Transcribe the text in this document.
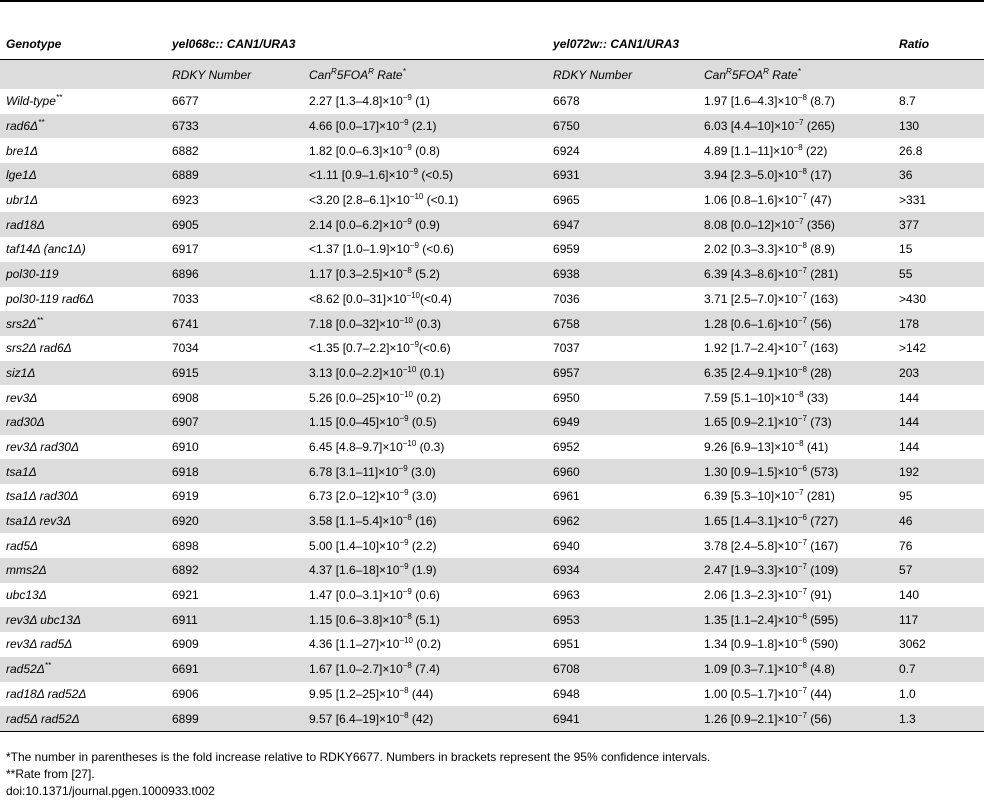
Genotype	yel068c:: CAN1/URA3		yel072w:: CAN1/URA3		Ratio
	RDKY Number	$Can^R5FOA^R$ Rate*	RDKY Number	$Can^R5FOA^R$ Rate*	
Wild-type**	6677	2.27 $[1.3-4.8]\times 10^{-9}$ (1)	6678	1.97 $[1.6-4.3]\times 10^{-8}$ (8.7)	8.7
rad6Δ**	6733	4.66 $[0.0-17]\times 10^{-9}$ (2.1)	6750	6.03 $[4.4-10]\times 10^{-7}$ (265)	130
bre1Δ	6882	1.82 $[0.0-6.3]\times 10^{-9}$ (0.8)	6924	4.89 $[1.1-11]\times 10^{-8}$ (22)	26.8
lge1Δ	6889	<1.11 $[0.9-1.6]\times 10^{-9}$ (<0.5)	6931	3.94 $[2.3-5.0]\times 10^{-8}$ (17)	36
ubr1Δ	6923	<3.20 $[2.8-6.1]\times 10^{-10}$ (<0.1)	6965	1.06 $[0.8-1.6]\times 10^{-7}$ (47)	>331
rad18Δ	6905	2.14 $[0.0-6.2]\times 10^{-9}$ (0.9)	6947	8.08 $[0.0-12]\times 10^{-7}$ (356)	377
taf14Δ (anc1Δ)	6917	<1.37 $[1.0-1.9]\times 10^{-9}$ (<0.6)	6959	2.02 $[0.3-3.3]\times 10^{-8}$ (8.9)	15
pol30-119	6896	1.17 $[0.3-2.5]\times 10^{-8}$ (5.2)	6938	6.39 $[4.3-8.6]\times 10^{-7}$ (281)	55
pol30-119 rad6Δ	7033	<8.62 $[0.0-31]\times 10^{-10}(<0.4)$	7036	3.71 $[2.5-7.0]\times 10^{-7}$ (163)	>430
srs2Δ**	6741	7.18 $[0.0-32]\times 10^{-10}$ (0.3)	6758	1.28 $[0.6-1.6]\times 10^{-7}$ (56)	178
srs2Δ rad6Δ	7034	<1.35 $[0.7-2.2]\times 10^{-9}(<0.6)$	7037	1.92 $[1.7-2.4]\times 10^{-7}$ (163)	>142
siz1Δ	6915	3.13 $[0.0-2.2]\times 10^{-10}$ (0.1)	6957	6.35 $[2.4-9.1]\times 10^{-8}$ (28)	203
rev3Δ	6908	5.26 $[0.0-25]\times 10^{-10}$ (0.2)	6950	7.59 $[5.1-10]\times 10^{-8}$ (33)	144
rad30Δ	6907	1.15 $[0.0-45]\times 10^{-9}$ (0.5)	6949	1.65 $[0.9-2.1]\times 10^{-7}$ (73)	144
rev3Δ rad30Δ	6910	6.45 $[4.8-9.7]\times 10^{-10}$ (0.3)	6952	9.26 $[6.9-13]\times 10^{-8}$ (41)	144
tsa1Δ	6918	6.78 $[3.1-11]\times 10^{-9}$ (3.0)	6960	1.30 $[0.9-1.5]\times 10^{-6}$ (573)	192
tsa1Δ rad30Δ	6919	6.73 $[2.0-12]\times 10^{-9}$ (3.0)	6961	6.39 $[5.3-10]\times 10^{-7}$ (281)	95
tsa1Δ rev3Δ	6920	3.58 $[1.1-5.4]\times 10^{-8}$ (16)	6962	1.65 $[1.4-3.1]\times 10^{-6}$ (727)	46
rad5Δ	6898	5.00 $[1.4-10]\times 10^{-9}$ (2.2)	6940	3.78 $[2.4-5.8]\times 10^{-7}$ (167)	76
mms2Δ	6892	4.37 $[1.6-18]\times 10^{-9}$ (1.9)	6934	2.47 $[1.9-3.3]\times 10^{-7}$ (109)	57
ubc13Δ	6921	1.47 $[0.0-3.1]\times 10^{-9}$ (0.6)	6963	2.06 $[1.3-2.3]\times 10^{-7}$ (91)	140
rev3Δ ubc13Δ	6911	1.15 $[0.6-3.8]\times 10^{-8}$ (5.1)	6953	1.35 $[1.1-2.4]\times 10^{-6}$ (595)	117
rev3Δ rad5Δ	6909	4.36 $[1.1-27]\times 10^{-10}$ (0.2)	6951	1.34 $[0.9-1.8]\times 10^{-6}$ (590)	3062
rad52Δ**	6691	1.67 $[1.0-2.7]\times 10^{-8}$ (7.4)	6708	1.09 $[0.3-7.1]\times 10^{-8}$ (4.8)	0.7
rad18Δ rad52Δ	6906	9.95 $[1.2-25]\times 10^{-8}$ (44)	6948	1.00 $[0.5-1.7]\times 10^{-7}$ (44)	1.0
rad5Δ rad52Δ	6899	9.57 $[6.4-19]\times 10^{-8}$ (42)	6941	1.26 $[0.9-2.1]\times 10^{-7}$ (56)	1.3
*The number in parentheses is the fold increase relative to RDKY6677. Numbers in brackets represent the 95% confidence intervals.
**Rate from [27].
doi:10.1371/journal.pgen.1000933.t002
